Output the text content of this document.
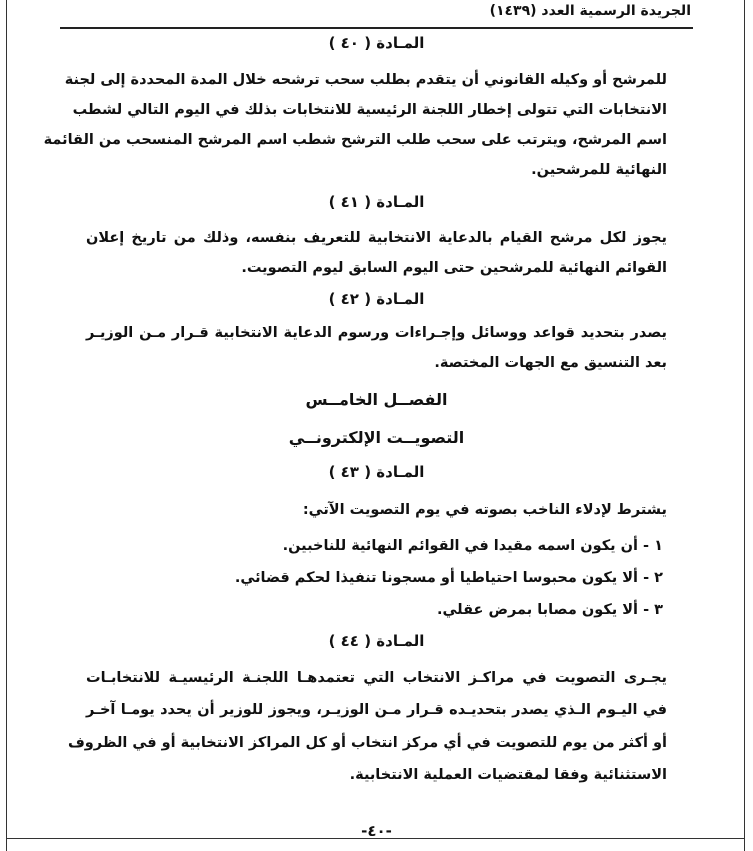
الجريدة الرسمية العدد (١٤٣٩)
المـادة ( ٤٠ )
للمرشح أو وكيله القانوني أن يتقدم بطلب سحب ترشحه خلال المدة المحددة إلى لجنة
الانتخابات التي تتولى إخطار اللجنة الرئيسية للانتخابات بذلك في اليوم التالي لشطب
اسم المرشح، ويترتب على سحب طلب الترشح شطب اسم المرشح المنسحب من القائمة
النهائية للمرشحين.
المـادة ( ٤١ )
يجوز لكل مرشح القيام بالدعاية الانتخابية للتعريف بنفسه، وذلك من تاريخ إعلان
القوائم النهائية للمرشحين حتى اليوم السابق ليوم التصويت.
المـادة ( ٤٢ )
يصدر بتحديد قواعد ووسائل وإجـراءات ورسوم الدعاية الانتخابية قـرار مـن الوزيـر
بعد التنسيق مع الجهات المختصة.
الفصــل الخامــس
التصويــت الإلكترونــي
المـادة ( ٤٣ )
يشترط لإدلاء الناخب بصوته في يوم التصويت الآتي:
١ - أن يكون اسمه مقيدا في القوائم النهائية للناخبين.
٢ - ألا يكون محبوسا احتياطيا أو مسجونا تنفيذا لحكم قضائي.
٣ - ألا يكون مصابا بمرض عقلي.
المـادة ( ٤٤ )
يجـرى التصويت في مراكـز الانتخاب التي تعتمدهـا اللجنـة الرئيسيـة للانتخابـات
في اليـوم الـذي يصدر بتحديـده قـرار مـن الوزيـر، ويجوز للوزير أن يحدد يومـا آخـر
أو أكثر من يوم للتصويت في أي مركز انتخاب أو كل المراكز الانتخابية أو في الظروف
الاستثنائية وفقا لمقتضيات العملية الانتخابية.
-٤٠-
